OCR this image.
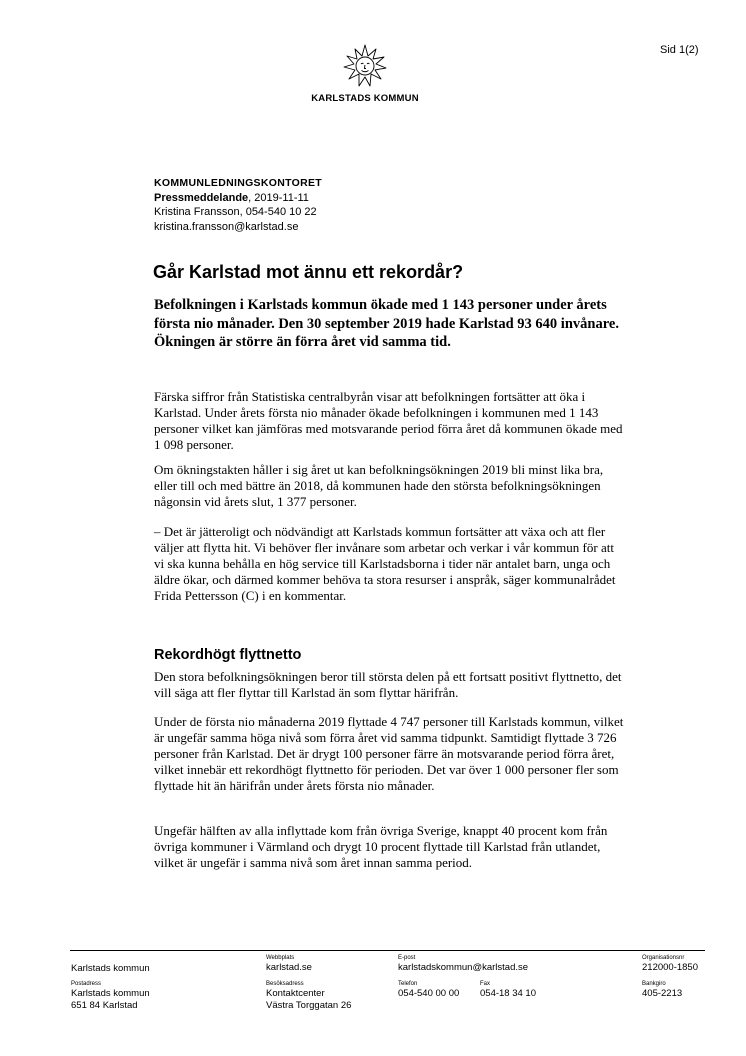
Sid 1(2)
KARLSTADS KOMMUN
KOMMUNLEDNINGSKONTORET
Pressmeddelande, 2019-11-11
Kristina Fransson, 054-540 10 22
kristina.fransson@karlstad.se
Går Karlstad mot ännu ett rekordår?
Befolkningen i Karlstads kommun ökade med 1 143 personer under årets första nio månader. Den 30 september 2019 hade Karlstad 93 640 invånare. Ökningen är större än förra året vid samma tid.

Färska siffror från Statistiska centralbyrån visar att befolkningen fortsätter att öka i Karlstad. Under årets första nio månader ökade befolkningen i kommunen med 1 143 personer vilket kan jämföras med motsvarande period förra året då kommunen ökade med 1 098 personer.

Om ökningstakten håller i sig året ut kan befolkningsökningen 2019 bli minst lika bra, eller till och med bättre än 2018, då kommunen hade den största befolkningsökningen någonsin vid årets slut, 1 377 personer.

– Det är jätteroligt och nödvändigt att Karlstads kommun fortsätter att växa och att fler väljer att flytta hit. Vi behöver fler invånare som arbetar och verkar i vår kommun för att vi ska kunna behålla en hög service till Karlstadsborna i tider när antalet barn, unga och äldre ökar, och därmed kommer behöva ta stora resurser i anspråk, säger kommunalrådet Frida Pettersson (C) i en kommentar.

Rekordhögt flyttnetto

Den stora befolkningsökningen beror till största delen på ett fortsatt positivt flyttnetto, det vill säga att fler flyttar till Karlstad än som flyttar härifrån.

Under de första nio månaderna 2019 flyttade 4 747 personer till Karlstads kommun, vilket är ungefär samma höga nivå som förra året vid samma tidpunkt. Samtidigt flyttade 3 726 personer från Karlstad. Det är drygt 100 personer färre än motsvarande period förra året, vilket innebär ett rekordhögt flyttnetto för perioden. Det var över 1 000 personer fler som flyttade hit än härifrån under årets första nio månader.

Ungefär hälften av alla inflyttade kom från övriga Sverige, knappt 40 procent kom från övriga kommuner i Värmland och drygt 10 procent flyttade till Karlstad från utlandet, vilket är ungefär i samma nivå som året innan samma period.

Karlstads kommun
Webbplats
karlstad.se
E-post
karlstadskommun@karlstad.se
Organisationsnr
212000-1850
Postadress
Karlstads kommun
651 84 Karlstad
Besöksadress
Kontaktcenter
Västra Torggatan 26
Telefon
054-540 00 00
Fax
054-18 34 10
Bankgiro
405-2213
